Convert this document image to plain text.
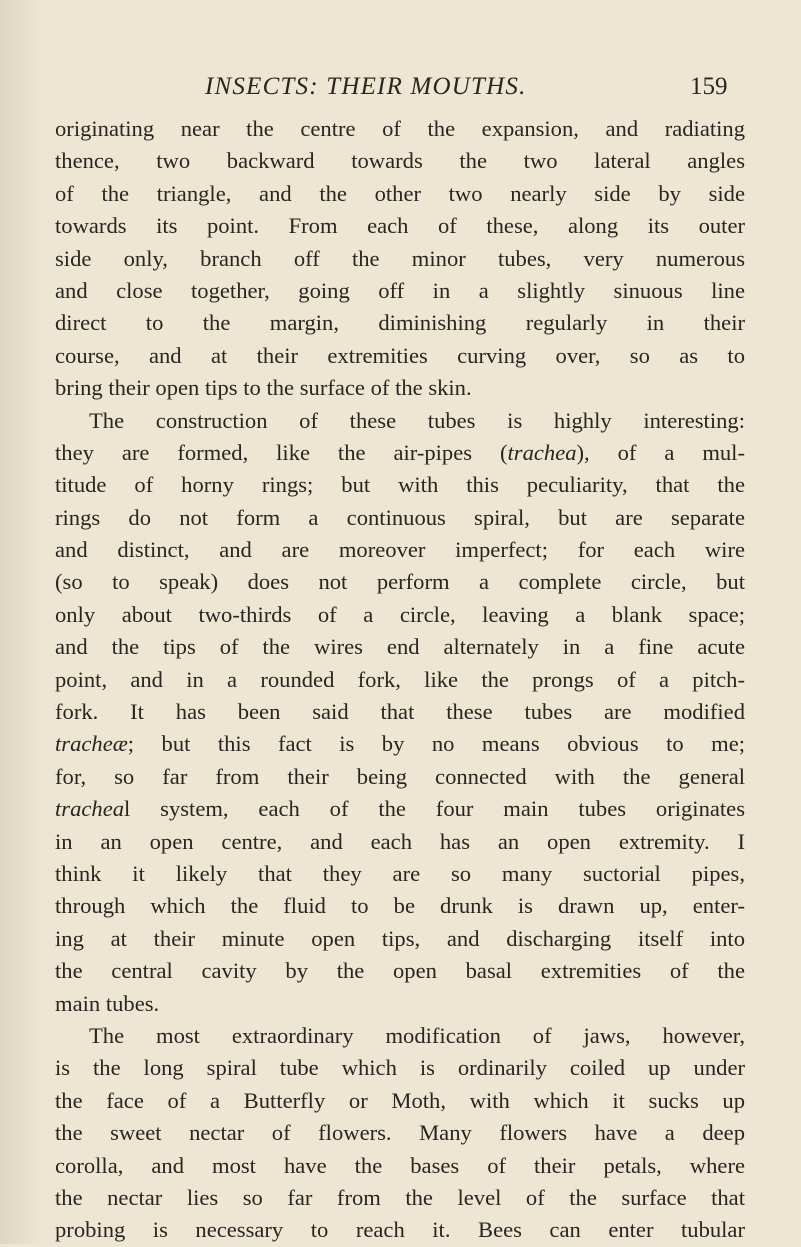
INSECTS: THEIR MOUTHS.	159
originating near the centre of the expansion, and radiating
thence, two backward towards the two lateral angles
of the triangle, and the other two nearly side by side
towards its point. From each of these, along its outer
side only, branch off the minor tubes, very numerous
and close together, going off in a slightly sinuous line
direct to the margin, diminishing regularly in their
course, and at their extremities curving over, so as to
bring their open tips to the surface of the skin.
The construction of these tubes is highly interesting:
they are formed, like the air-pipes (trachea), of a mul-
titude of horny rings; but with this peculiarity, that the
rings do not form a continuous spiral, but are separate
and distinct, and are moreover imperfect; for each wire
(so to speak) does not perform a complete circle, but
only about two-thirds of a circle, leaving a blank space;
and the tips of the wires end alternately in a fine acute
point, and in a rounded fork, like the prongs of a pitch-
fork. It has been said that these tubes are modified
tracheæ; but this fact is by no means obvious to me;
for, so far from their being connected with the general
tracheal system, each of the four main tubes originates
in an open centre, and each has an open extremity. I
think it likely that they are so many suctorial pipes,
through which the fluid to be drunk is drawn up, enter-
ing at their minute open tips, and discharging itself into
the central cavity by the open basal extremities of the
main tubes.
The most extraordinary modification of jaws, however,
is the long spiral tube which is ordinarily coiled up under
the face of a Butterfly or Moth, with which it sucks up
the sweet nectar of flowers. Many flowers have a deep
corolla, and most have the bases of their petals, where
the nectar lies so far from the level of the surface that
probing is necessary to reach it. Bees can enter tubular
